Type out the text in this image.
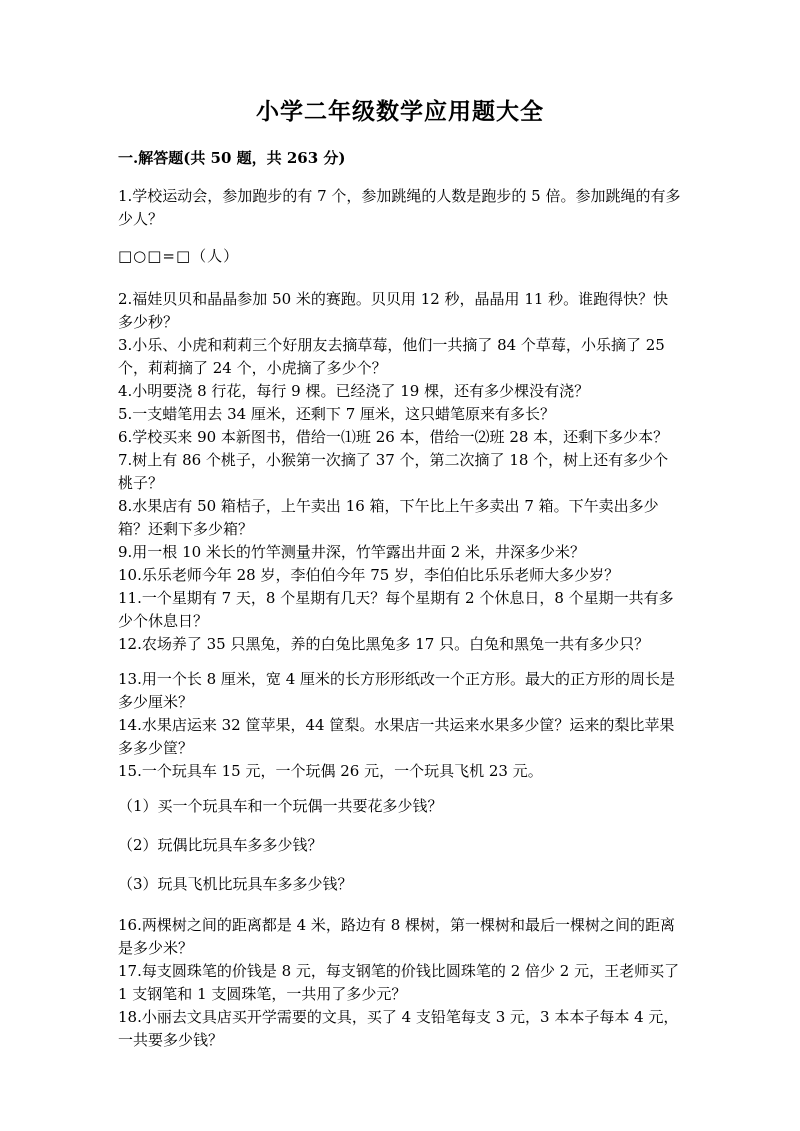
小学二年级数学应用题大全
一.解答题(共 50 题，共 263 分)

1.学校运动会，参加跑步的有 7 个，参加跳绳的人数是跑步的 5 倍。参加跳绳的有多少人？

□○□=□（人）

2.福娃贝贝和晶晶参加 50 米的赛跑。贝贝用 12 秒，晶晶用 11 秒。谁跑得快？快多少秒？

3.小乐、小虎和莉莉三个好朋友去摘草莓，他们一共摘了 84 个草莓，小乐摘了 25 个，莉莉摘了 24 个，小虎摘了多少个？

4.小明要浇 8 行花，每行 9 棵。已经浇了 19 棵，还有多少棵没有浇？

5.一支蜡笔用去 34 厘米，还剩下 7 厘米，这只蜡笔原来有多长？

6.学校买来 90 本新图书，借给一⑴班 26 本，借给一⑵班 28 本，还剩下多少本？

7.树上有 86 个桃子，小猴第一次摘了 37 个，第二次摘了 18 个，树上还有多少个桃子？

8.水果店有 50 箱桔子，上午卖出 16 箱，下午比上午多卖出 7 箱。下午卖出多少箱？还剩下多少箱？

9.用一根 10 米长的竹竿测量井深，竹竿露出井面 2 米，井深多少米？

10.乐乐老师今年 28 岁，李伯伯今年 75 岁，李伯伯比乐乐老师大多少岁？

11.一个星期有 7 天，8 个星期有几天？每个星期有 2 个休息日，8 个星期一共有多少个休息日？

12.农场养了 35 只黑兔，养的白兔比黑兔多 17 只。白兔和黑兔一共有多少只？

13.用一个长 8 厘米，宽 4 厘米的长方形形纸改一个正方形。最大的正方形的周长是多少厘米？

14.水果店运来 32 筐苹果，44 筐梨。水果店一共运来水果多少筐？运来的梨比苹果多多少筐？

15.一个玩具车 15 元，一个玩偶 26 元，一个玩具飞机 23 元。

（1）买一个玩具车和一个玩偶一共要花多少钱？

（2）玩偶比玩具车多多少钱？

（3）玩具飞机比玩具车多多少钱？

16.两棵树之间的距离都是 4 米，路边有 8 棵树，第一棵树和最后一棵树之间的距离是多少米？

17.每支圆珠笔的价钱是 8 元，每支钢笔的价钱比圆珠笔的 2 倍少 2 元，王老师买了 1 支钢笔和 1 支圆珠笔，一共用了多少元？

18.小丽去文具店买开学需要的文具，买了 4 支铅笔每支 3 元，3 本本子每本 4 元，一共要多少钱？
